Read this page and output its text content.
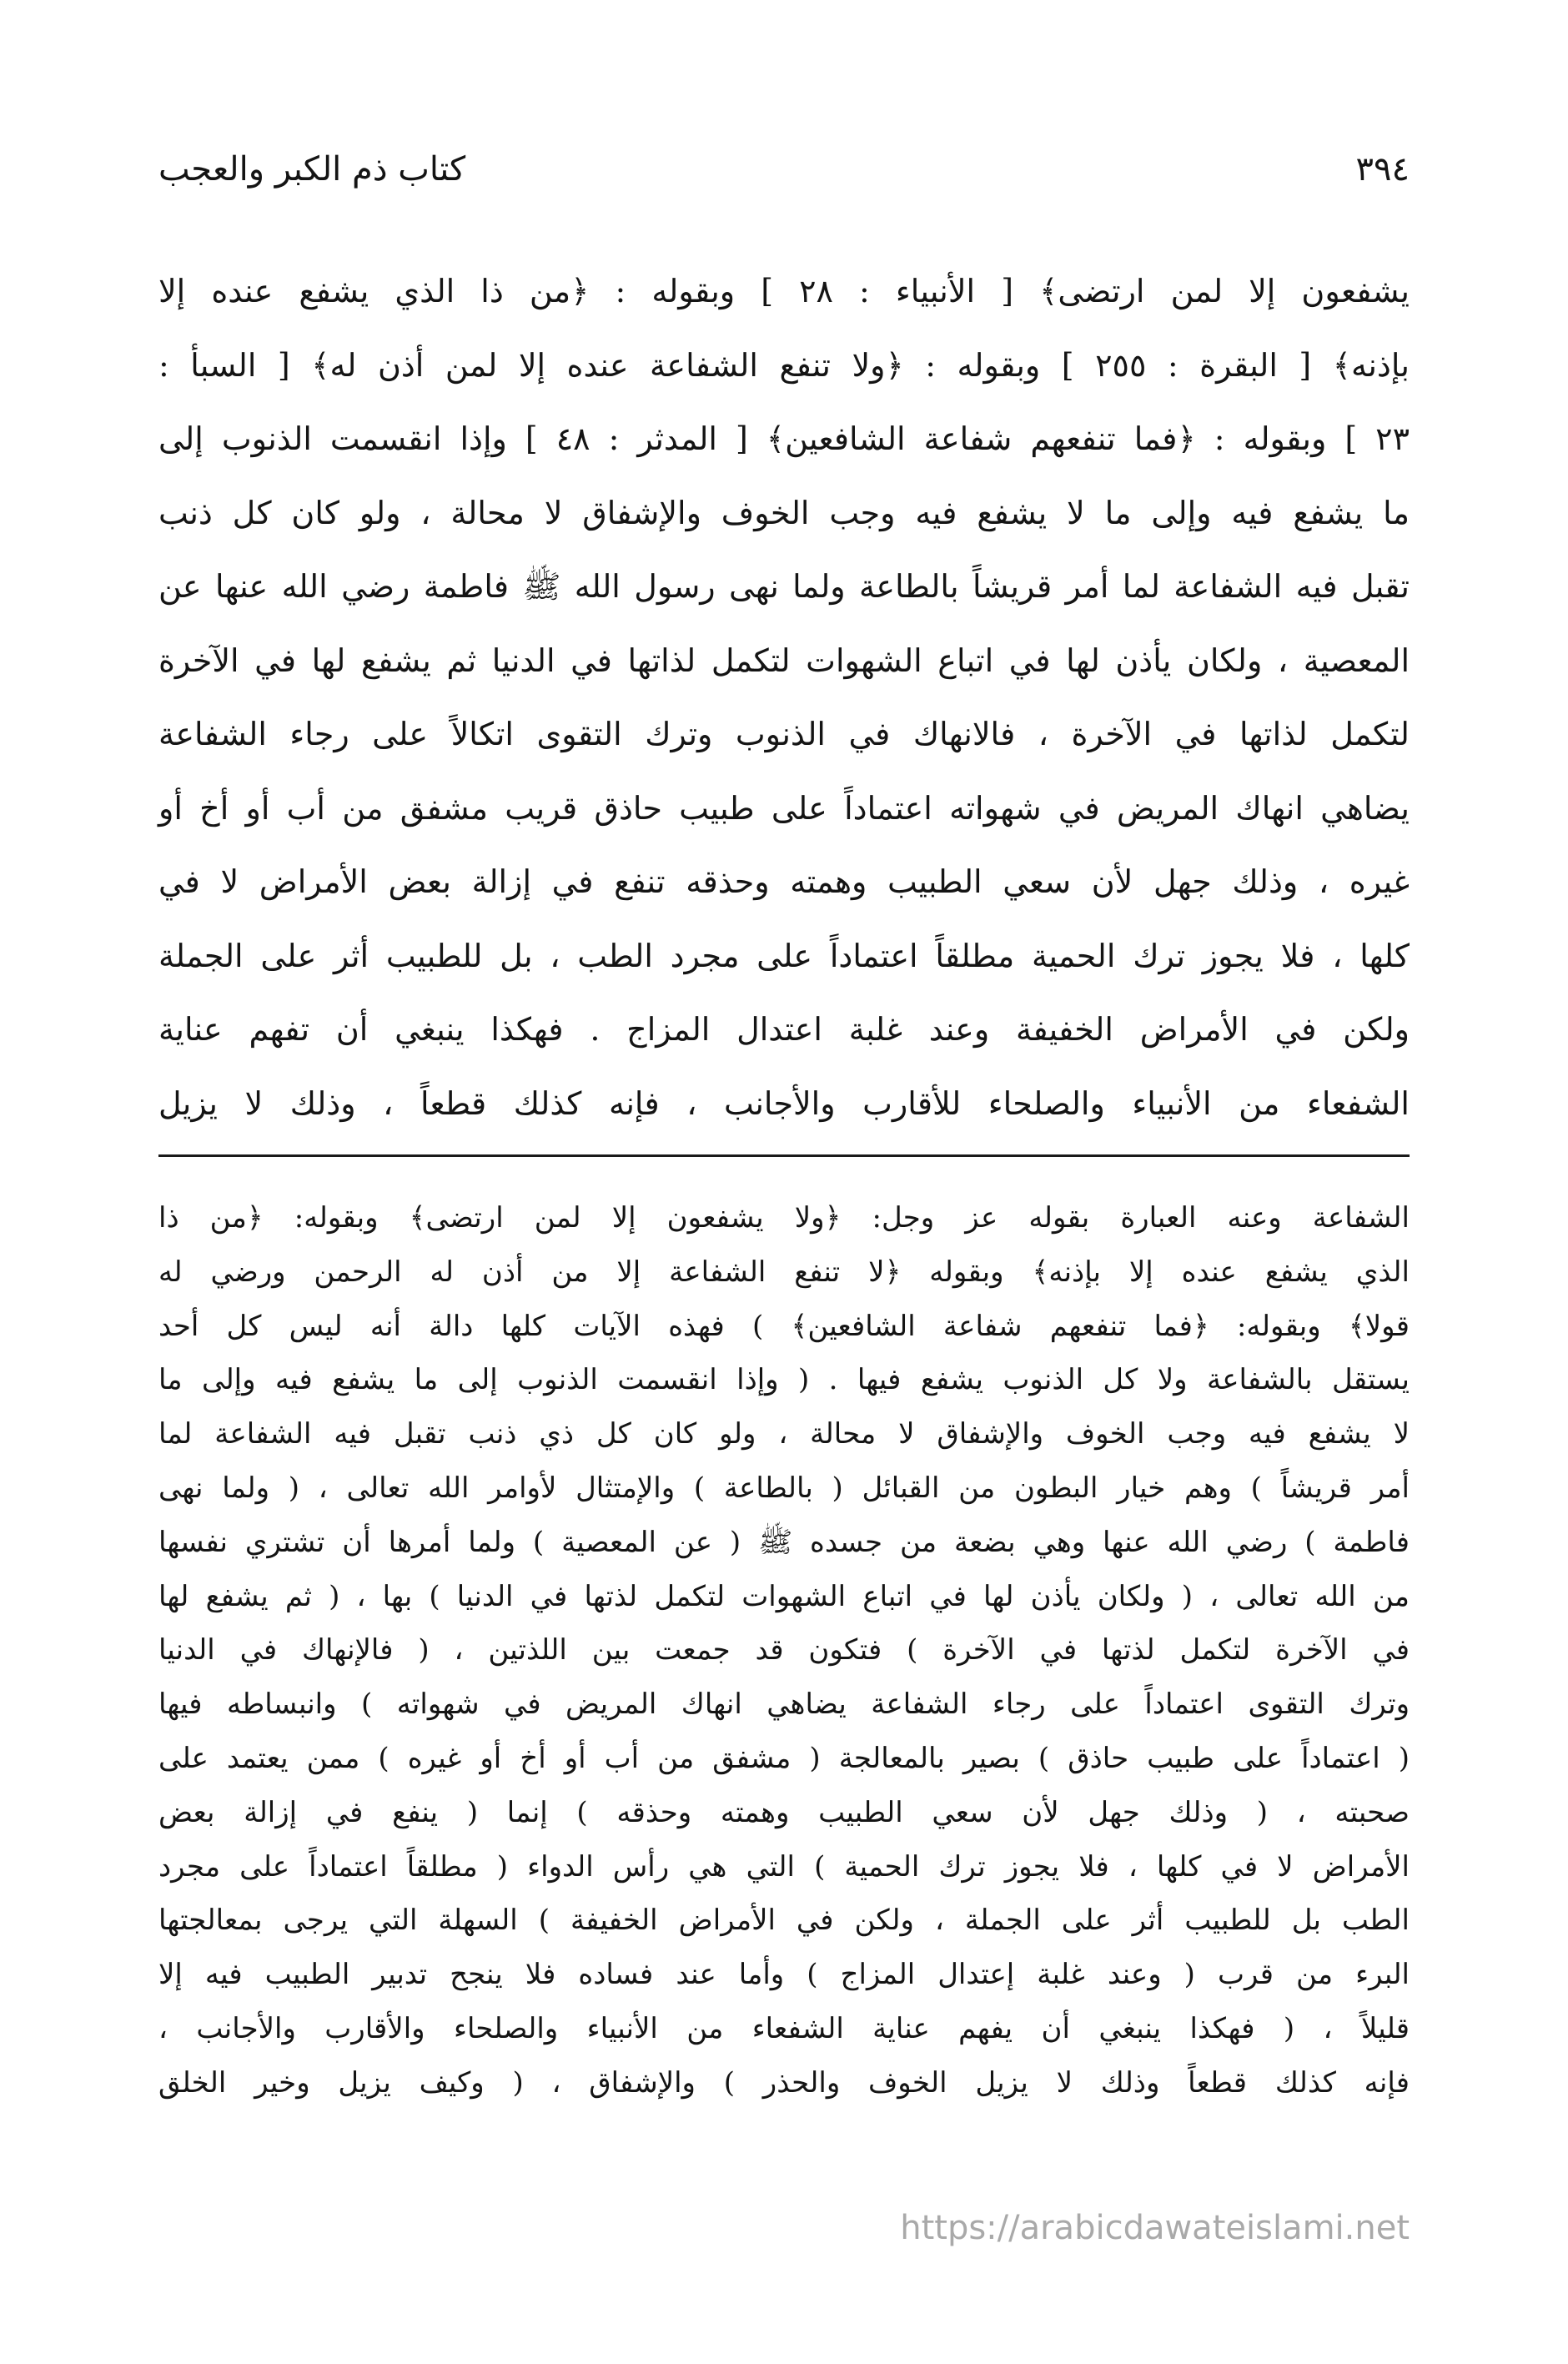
٣٩٤
كتاب ذم الكبر والعجب

يشفعون إلا لمن ارتضى﴾ [ الأنبياء : ٢٨ ] وبقوله : ﴿من ذا الذي يشفع عنده إلا

بإذنه﴾ [ البقرة : ٢٥٥ ] وبقوله : ﴿ولا تنفع الشفاعة عنده إلا لمن أذن له﴾ [ السبأ :

٢٣ ] وبقوله : ﴿فما تنفعهم شفاعة الشافعين﴾ [ المدثر : ٤٨ ] وإذا انقسمت الذنوب إلى

ما يشفع فيه وإلى ما لا يشفع فيه وجب الخوف والإشفاق لا محالة ، ولو كان كل ذنب

تقبل فيه الشفاعة لما أمر قريشاً بالطاعة ولما نهى رسول الله ﷺ فاطمة رضي الله عنها عن

المعصية ، ولكان يأذن لها في اتباع الشهوات لتكمل لذاتها في الدنيا ثم يشفع لها في الآخرة

لتكمل لذاتها في الآخرة ، فالانهاك في الذنوب وترك التقوى اتكالاً على رجاء الشفاعة

يضاهي انهاك المريض في شهواته اعتماداً على طبيب حاذق قريب مشفق من أب أو أخ أو

غيره ، وذلك جهل لأن سعي الطبيب وهمته وحذقه تنفع في إزالة بعض الأمراض لا في

كلها ، فلا يجوز ترك الحمية مطلقاً اعتماداً على مجرد الطب ، بل للطبيب أثر على الجملة

ولكن في الأمراض الخفيفة وعند غلبة اعتدال المزاج . فهكذا ينبغي أن تفهم عناية

الشفعاء من الأنبياء والصلحاء للأقارب والأجانب ، فإنه كذلك قطعاً ، وذلك لا يزيل

الشفاعة وعنه العبارة بقوله عز وجل: ﴿ولا يشفعون إلا لمن ارتضى﴾ وبقوله: ﴿من ذا

الذي يشفع عنده إلا بإذنه﴾ وبقوله ﴿لا تنفع الشفاعة إلا من أذن له الرحمن ورضي له

قولا﴾ وبقوله: ﴿فما تنفعهم شفاعة الشافعين﴾ ) فهذه الآيات كلها دالة أنه ليس كل أحد

يستقل بالشفاعة ولا كل الذنوب يشفع فيها . ( وإذا انقسمت الذنوب إلى ما يشفع فيه وإلى ما

لا يشفع فيه وجب الخوف والإشفاق لا محالة ، ولو كان كل ذي ذنب تقبل فيه الشفاعة لما

أمر قريشاً ) وهم خيار البطون من القبائل ( بالطاعة ) والإمتثال لأوامر الله تعالى ، ( ولما نهى

فاطمة ) رضي الله عنها وهي بضعة من جسده ﷺ ( عن المعصية ) ولما أمرها أن تشتري نفسها

من الله تعالى ، ( ولكان يأذن لها في اتباع الشهوات لتكمل لذتها في الدنيا ) بها ، ( ثم يشفع لها

في الآخرة لتكمل لذتها في الآخرة ) فتكون قد جمعت بين اللذتين ، ( فالإنهاك في الدنيا

وترك التقوى اعتماداً على رجاء الشفاعة يضاهي انهاك المريض في شهواته ) وانبساطه فيها

( اعتماداً على طبيب حاذق ) بصير بالمعالجة ( مشفق من أب أو أخ أو غيره ) ممن يعتمد على

صحبته ، ( وذلك جهل لأن سعي الطبيب وهمته وحذقه ) إنما ( ينفع في إزالة بعض

الأمراض لا في كلها ، فلا يجوز ترك الحمية ) التي هي رأس الدواء ( مطلقاً اعتماداً على مجرد

الطب بل للطبيب أثر على الجملة ، ولكن في الأمراض الخفيفة ) السهلة التي يرجى بمعالجتها

البرء من قرب ( وعند غلبة إعتدال المزاج ) وأما عند فساده فلا ينجح تدبير الطبيب فيه إلا

قليلاً ، ( فهكذا ينبغي أن يفهم عناية الشفعاء من الأنبياء والصلحاء والأقارب والأجانب ،

فإنه كذلك قطعاً وذلك لا يزيل الخوف والحذر ) والإشفاق ، ( وكيف يزيل وخير الخلق

https://arabicdawateislami.net
